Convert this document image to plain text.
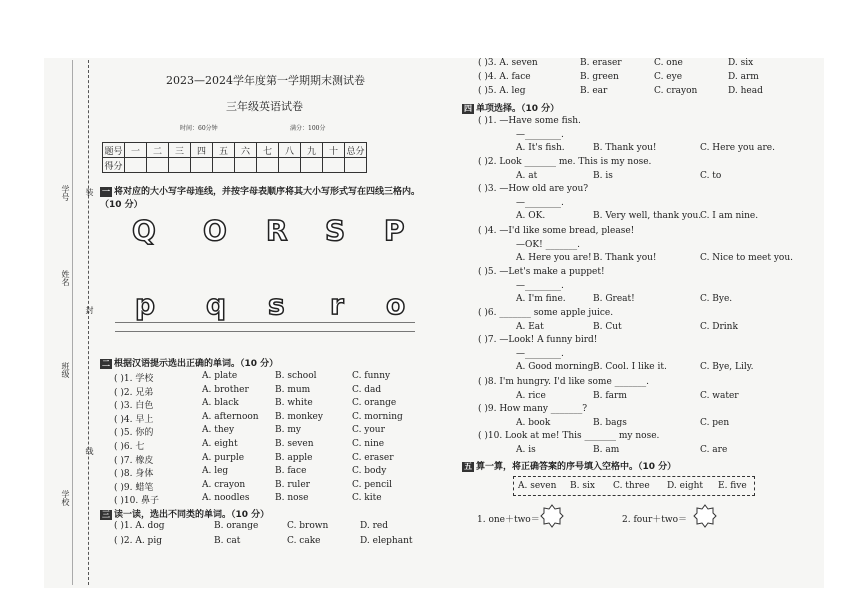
学号
姓名
班级
学校
装
封
线
2023—2024学年度第一学期期末测试卷
三年级英语试卷
时间：60分钟	满分：100分
题号	一	二	三	四	五	六	七	八	九	十	总分
得分											
一 将对应的大小写字母连线，并按字母表顺序将其大小写形式写在四线三格内。（10 分）
Q O R S P
p q s r o
二 根据汉语提示选出正确的单词。（10 分）
( )1. 学校	A. plate	B. school	C. funny
( )2. 兄弟	A. brother	B. mum	C. dad
( )3. 白色	A. black	B. white	C. orange
( )4. 早上	A. afternoon B. monkey	C. morning
( )5. 你的	A. they	B. my	C. your
( )6. 七	A. eight	B. seven	C. nine
( )7. 橡皮	A. purple	B. apple	C. eraser
( )8. 身体	A. leg	B. face	C. body
( )9. 蜡笔	A. crayon	B. ruler	C. pencil
( )10. 鼻子	A. noodles	B. nose	C. kite
三 读一读，选出不同类的单词。（10 分）
( )1. A. dog	B. orange	C. brown	D. red
( )2. A. pig	B. cat	C. cake	D. elephant
( )3. A. seven	B. eraser	C. one	D. six
( )4. A. face	B. green	C. eye	D. arm
( )5. A. leg	B. ear	C. crayon	D. head
四 单项选择。（10 分）
( )1. —Have some fish.
—________.
A. It's fish.	B. Thank you!	C. Here you are.
( )2. Look _______ me. This is my nose.
A. at	B. is	C. to
( )3. —How old are you?
—________.
A. OK.	B. Very well, thank you.
C. I am nine.
( )4. —I'd like some bread, please!
—OK! _______.
A. Here you are! B. Thank you!	C. Nice to meet you.
( )5. —Let's make a puppet!
—________.
A. I'm fine.	B. Great!	C. Bye.
( )6. _______ some apple juice.
A. Eat	B. Cut	C. Drink
( )7. —Look! A funny bird!
—________.
A. Good morning.
B. Cool. I like it.	C. Bye, Lily.
( )8. I'm hungry. I'd like some _______.
A. rice	B. farm	C. water
( )9. How many _______?
A. book	B. bags	C. pen
( )10. Look at me! This _______ my nose.
A. is	B. am	C. are
五 算一算，将正确答案的序号填入空格中。（10 分）
A. seven B. six C. three D. eight E. five
1. one＋two＝	2. four＋two＝
